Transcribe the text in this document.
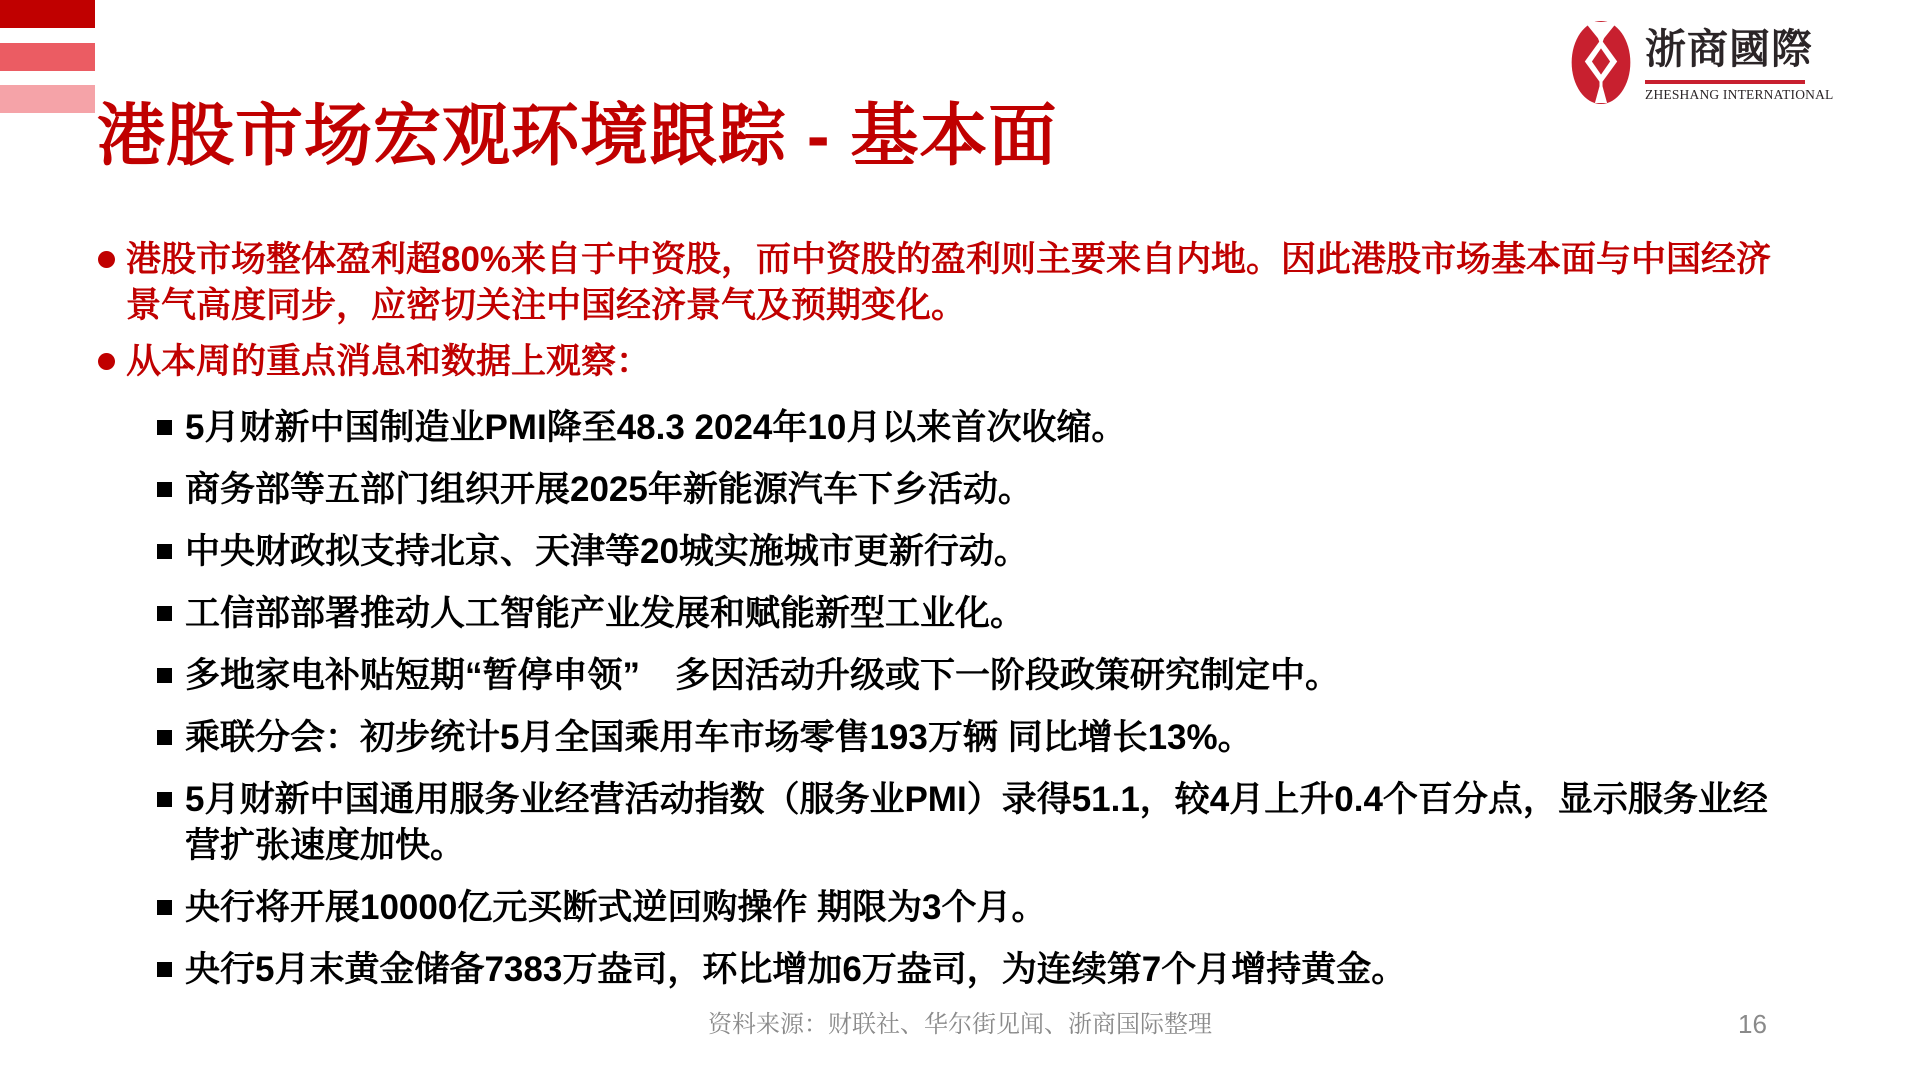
浙商國際
ZHESHANG INTERNATIONAL
港股市场宏观环境跟踪 - 基本面
港股市场整体盈利超80%来自于中资股，而中资股的盈利则主要来自内地。因此港股市场基本面与中国经济景气高度同步，应密切关注中国经济景气及预期变化。
从本周的重点消息和数据上观察：
5月财新中国制造业PMI降至48.3 2024年10月以来首次收缩。
商务部等五部门组织开展2025年新能源汽车下乡活动。
中央财政拟支持北京、天津等20城实施城市更新行动。
工信部部署推动人工智能产业发展和赋能新型工业化。
多地家电补贴短期“暂停申领”　多因活动升级或下一阶段政策研究制定中。
乘联分会：初步统计5月全国乘用车市场零售193万辆 同比增长13%。
5月财新中国通用服务业经营活动指数（服务业PMI）录得51.1，较4月上升0.4个百分点，显示服务业经营扩张速度加快。
央行将开展10000亿元买断式逆回购操作 期限为3个月。
央行5月末黄金储备7383万盎司，环比增加6万盎司，为连续第7个月增持黄金。
资料来源：财联社、华尔街见闻、浙商国际整理	16
